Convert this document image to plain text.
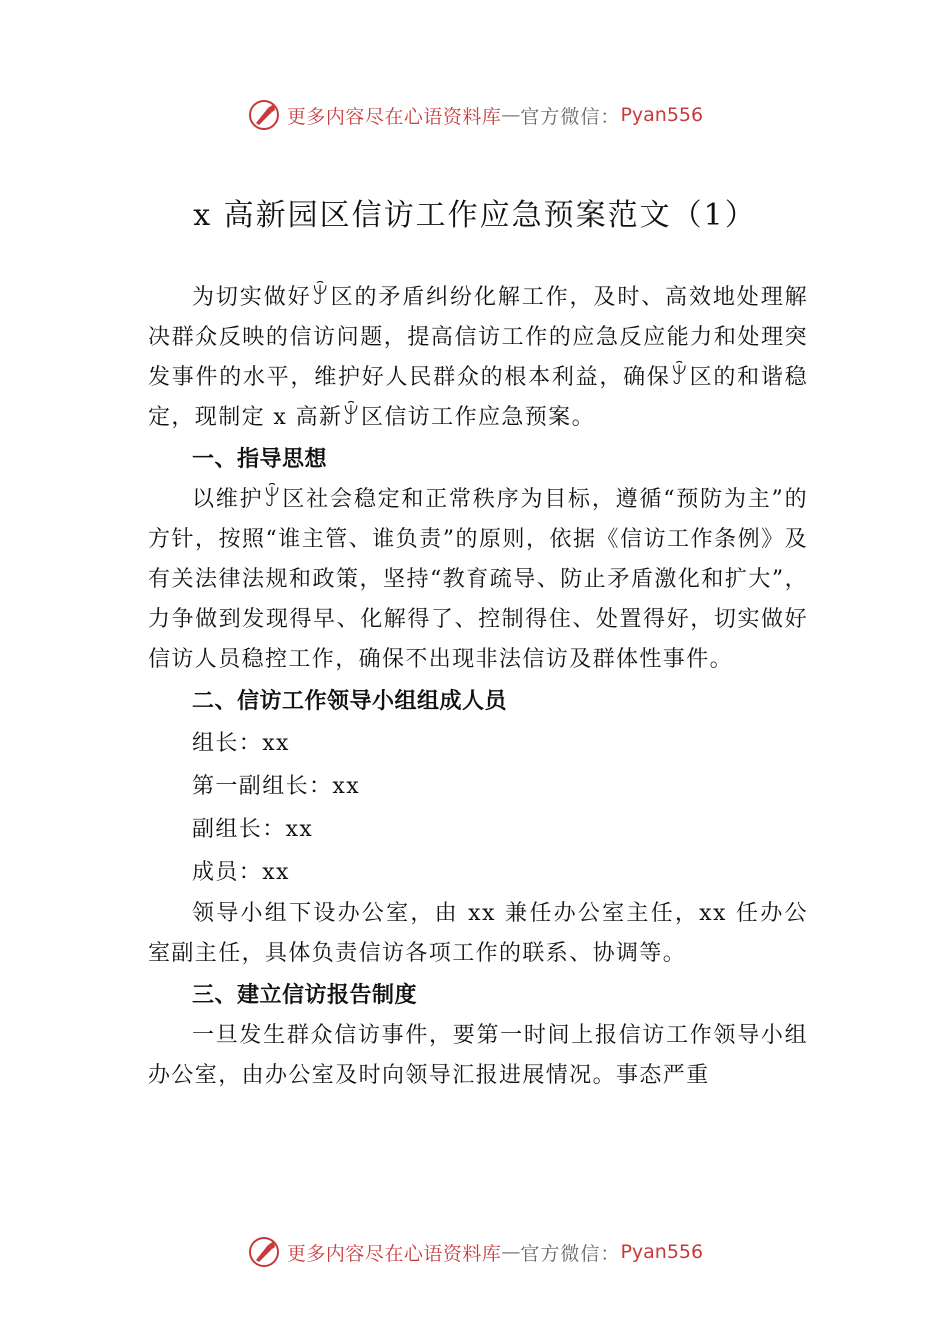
更多内容尽在心语资料库 — 官方微信： Pyan556
x 高新园区信访工作应急预案范文（1）

为切实做好ꐲ区的矛盾纠纷化解工作，及时、高效地处理解决群众反映的信访问题，提高信访工作的应急反应能力和处理突发事件的水平，维护好人民群众的根本利益，确保ꐲ区的和谐稳定，现制定 x 高新ꐲ区信访工作应急预案。

一、指导思想

以维护ꐲ区社会稳定和正常秩序为目标，遵循“预防为主”的方针，按照“谁主管、谁负责”的原则，依据《信访工作条例》及有关法律法规和政策，坚持“教育疏导、防止矛盾激化和扩大”，力争做到发现得早、化解得了、控制得住、处置得好，切实做好信访人员稳控工作，确保不出现非法信访及群体性事件。

二、信访工作领导小组组成人员

组长：xx

第一副组长：xx

副组长：xx

成员：xx

领导小组下设办公室，由 xx 兼任办公室主任，xx 任办公室副主任，具体负责信访各项工作的联系、协调等。

三、建立信访报告制度

一旦发生群众信访事件，要第一时间上报信访工作领导小组办公室，由办公室及时向领导汇报进展情况。事态严重

更多内容尽在心语资料库 — 官方微信： Pyan556
